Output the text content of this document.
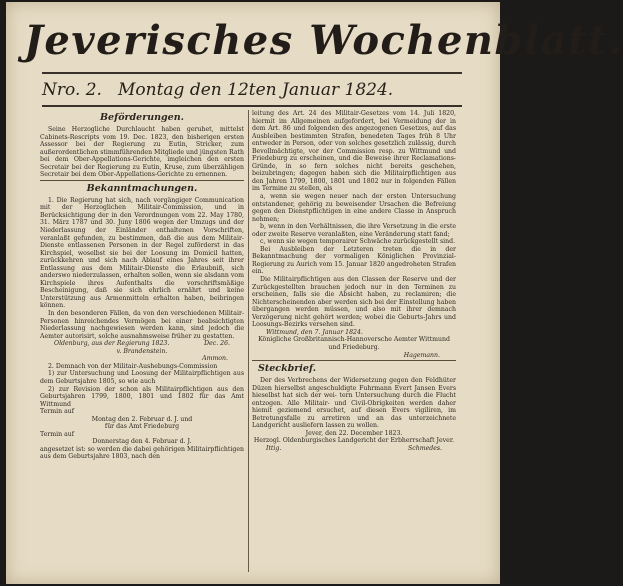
Jeverisches Wochenblatt.
Nro. 2. Montag den 12ten Januar 1824.

Beförderungen.

Seine Herzogliche Durchlaucht haben geruhet, mittelst Cabinets-Rescripts vom 19. Dec. 1823, den bisherigen ersten Assessor bei der Regierung zu Eutin, Stricker, zum außerordentlichen stimmführenden Mitgliede und jüngsten Rath bei dem Ober-Appellations-Gerichte, imgleichen den ersten Secretair bei der Regierung zu Eutin, Kruse, zum überzähligen Secretair bei dem Ober-Appellations-Gerichte zu ernennen.

Bekanntmachungen.

1. Die Regierung hat sich, nach vorgängiger Communication mit der Herzoglichen Militair-Commission, und in Berücksichtigung der in den Verordnungen vom 22. May 1780, 31. März 1787 und 30. Juny 1806 wegen der Umzugs und der Niederlassung der Einländer enthaltenen Vorschriften, veranlaßt gefunden, zu bestimmen, daß die aus dem Militair-Dienste entlassenen Personen in der Regel zuförderst in das Kirchspiel, woselbst sie bei der Loosung im Domicil hatten, zurückkehren und sich nach Ablauf eines Jahres seit ihrer Entlassung aus dem Militair-Dienste die Erlaubniß, sich anderswo niederzulassen, erhalten sollen, wenn sie alsdann vom Kirchspiele ihres Aufenthalts die vorschriftsmäßige Bescheinigung, daß sie sich ehrlich ernährt und keine Unterstützung aus Armenmitteln erhalten haben, beibringen können.

In den besonderen Fällen, da von den verschiedenen Militair-Personen hinreichendes Vermögen bei einer beabsichtigten Niederlassung nachgewiesen werden kann, sind jedoch die Aemter autorisirt, solche ausnahmsweise früher zu gestatten.

Oldenburg, aus der Regierung 1823.	Dec. 26.

v. Brandenstein.

Ammon.

2. Demnach von der Militair-Aushebungs-Commission

1) zur Untersuchung und Loosung der Militairpflichtigen aus dem Geburtsjahre 1805, so wie auch

2) zur Revision der schon als Militairpflichtigen aus den Geburtsjahren 1799, 1800, 1801 und 1802 für das Amt Wittmund

Termin auf

Montag den 2. Februar d. J. und

für das Amt Friedeburg

Termin auf

Donnerstag den 4. Februar d. J.

angesetzet ist: so werden die dabei gehörigen Militairpflichtigen aus dem Geburtsjahre 1803, nach den

leitung des Art. 24 des Militair-Gesetzes vom 14. Juli 1820, hiermit im Allgemeinen aufgefordert, bei Vermeidung der in dem Art. 86 und folgenden des angezogenen Gesetzes, auf das Ausbleiben bestimmten Strafen, benedeten Tages früh 8 Uhr entweder in Person, oder von solches gesetzlich zulässig, durch Bevollmächtigte, vor der Commission resp. zu Wittmund und Friedeburg zu erscheinen, und die Beweise ihrer Reclamations-Gründe, in so fern solches nicht bereits geschehen, beizubringen; dagegen haben sich die Militairpflichtigen aus den Jahren 1799, 1800, 1801 und 1802 nur in folgenden Fällen im Termine zu stellen, als

a, wenn sie wegen neuer nach der ersten Untersuchung entstandener, gehörig zu beweisender Ursachen die Befreiung gegen den Dienstpflichtigen in eine andere Classe in Anspruch nehmen;

b, wenn in den Verhältnissen, die ihre Versetzung in die erste oder zweite Reserve veranlaßten, eine Veränderung statt fand;

c, wenn sie wegen temporairer Schwäche zurückgestellt sind.

Bei Ausbleiben der Letzteren treten die in der Bekanntmachung der vormaligen Königlichen Provinzial-Regierung zu Aurich vom 15. Januar 1820 angedroheten Strafen ein.

Die Militairpflichtigen aus den Classen der Reserve und der Zurückgestellten brauchen jedoch nur in den Terminen zu erscheinen, falls sie die Absicht haben, zu reclamiren; die Nichterscheinenden aber werden sich bei der Einstellung haben übergangen werden müssen, und also mit ihrer demnach Verzögerung nicht gehört werden; wobei die Geburts-Jahrs und Loosungs-Bezirks versehen sind.

Wittmund, den 7. Januar 1824.

Königliche Großbritannisch-Hannoversche Aemter Wittmund und Friedeburg.

Hagemann.

Steckbrief.

Der des Verbrechens der Widersetzung gegen den Feldhüter Düzen hierselbst angeschuldigte Fuhrmann Evert Jansen Evers hieselbst hat sich der wei- tern Untersuchung durch die Flucht entzogen. Alle Militair- und Civil-Obrigkeiten werden daher hiemit geziemend ersuchet, auf diesen Evers vigiliren, im Betretungsfalle zu arretiren und an das unterzeichnete Landgericht ausliefern lassen zu wollen.

Jever, den 22. December 1823.

Herzogl. Oldenburgisches Landgericht der Erbherrschaft Jever.

Ittig.	Schmedes.
